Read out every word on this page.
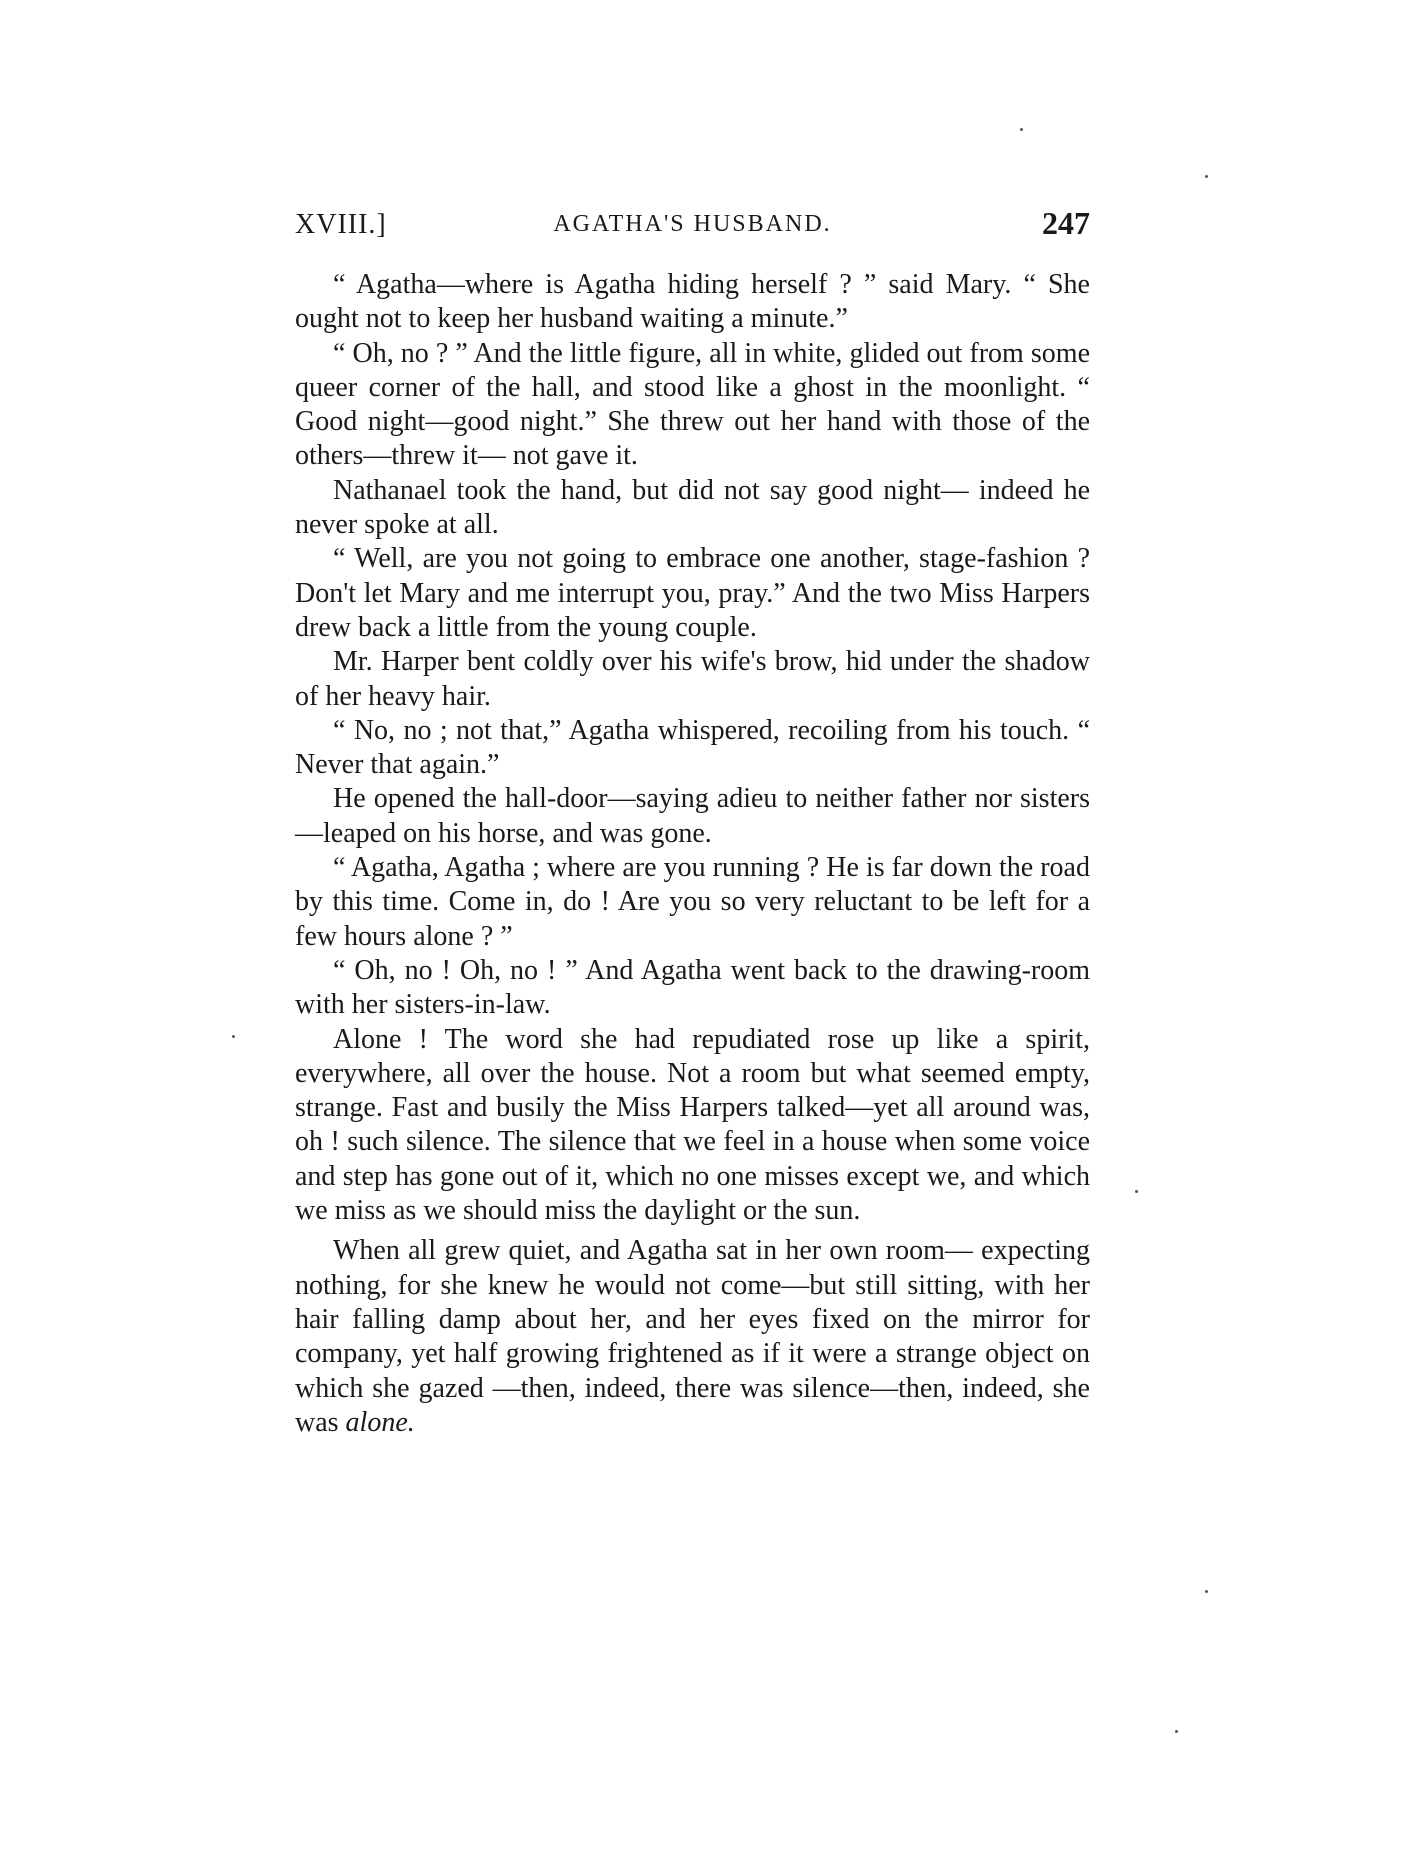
XVIII.]	AGATHA'S HUSBAND.	247

“ Agatha—where is Agatha hiding herself ? ” said Mary. “ She ought not to keep her husband waiting a minute.”

“ Oh, no ? ” And the little figure, all in white, glided out from some queer corner of the hall, and stood like a ghost in the moonlight. “ Good night—good night.” She threw out her hand with those of the others—threw it— not gave it.

Nathanael took the hand, but did not say good night— indeed he never spoke at all.

“ Well, are you not going to embrace one another, stage-fashion ? Don't let Mary and me interrupt you, pray.” And the two Miss Harpers drew back a little from the young couple.

Mr. Harper bent coldly over his wife's brow, hid under the shadow of her heavy hair.

“ No, no ; not that,” Agatha whispered, recoiling from his touch. “ Never that again.”

He opened the hall-door—saying adieu to neither father nor sisters—leaped on his horse, and was gone.

“ Agatha, Agatha ; where are you running ? He is far down the road by this time. Come in, do ! Are you so very reluctant to be left for a few hours alone ? ”

“ Oh, no ! Oh, no ! ” And Agatha went back to the drawing-room with her sisters-in-law.

Alone ! The word she had repudiated rose up like a spirit, everywhere, all over the house. Not a room but what seemed empty, strange. Fast and busily the Miss Harpers talked—yet all around was, oh ! such silence. The silence that we feel in a house when some voice and step has gone out of it, which no one misses except we, and which we miss as we should miss the daylight or the sun.

When all grew quiet, and Agatha sat in her own room— expecting nothing, for she knew he would not come—but still sitting, with her hair falling damp about her, and her eyes fixed on the mirror for company, yet half growing frightened as if it were a strange object on which she gazed —then, indeed, there was silence—then, indeed, she was alone.
